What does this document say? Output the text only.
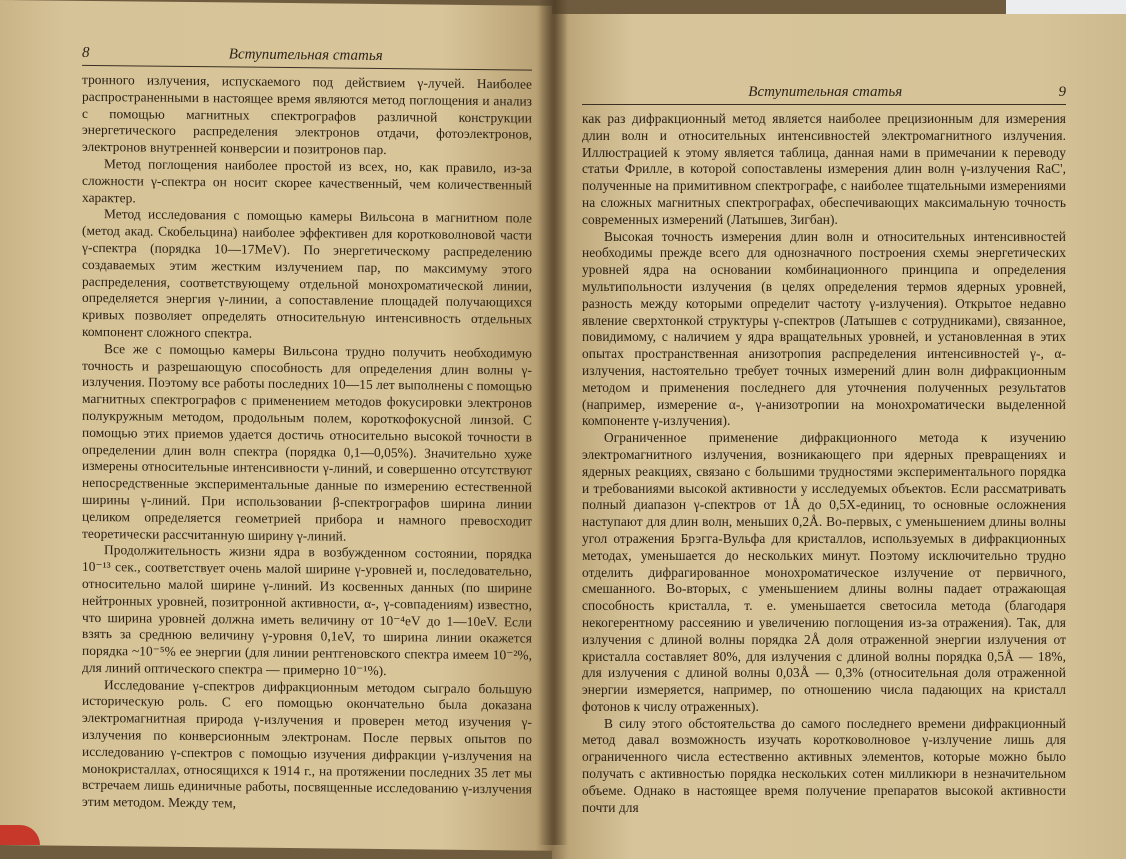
8	Вступительная статья

тронного излучения, испускаемого под действием γ-лучей. Наиболее распространенными в настоящее время являются метод поглощения и анализ с помощью магнитных спектрографов различной конструкции энергетического распределения электронов отдачи, фотоэлектронов, электронов внутренней конверсии и позитронов пар.

Метод поглощения наиболее простой из всех, но, как правило, из-за сложности γ-спектра он носит скорее качественный, чем количественный характер.

Метод исследования с помощью камеры Вильсона в магнитном поле (метод акад. Скобельцина) наиболее эффективен для коротковолновой части γ-спектра (порядка 10—17MeV). По энергетическому распределению создаваемых этим жестким излучением пар, по максимуму этого распределения, соответствующему отдельной монохроматической линии, определяется энергия γ-линии, а сопоставление площадей получающихся кривых позволяет определять относительную интенсивность отдельных компонент сложного спектра.

Все же с помощью камеры Вильсона трудно получить необходимую точность и разрешающую способность для определения длин волны γ-излучения. Поэтому все работы последних 10—15 лет выполнены с помощью магнитных спектрографов с применением методов фокусировки электронов полукружным методом, продольным полем, короткофокусной линзой. С помощью этих приемов удается достичь относительно высокой точности в определении длин волн спектра (порядка 0,1—0,05%). Значительно хуже измерены относительные интенсивности γ-линий, и совершенно отсутствуют непосредственные экспериментальные данные по измерению естественной ширины γ-линий. При использовании β-спектрографов ширина линии целиком определяется геометрией прибора и намного превосходит теоретически рассчитанную ширину γ-линий.

Продолжительность жизни ядра в возбужденном состоянии, порядка 10⁻¹³ сек., соответствует очень малой ширине γ-уровней и, последовательно, относительно малой ширине γ-линий. Из косвенных данных (по ширине нейтронных уровней, позитронной активности, α-, γ-совпадениям) известно, что ширина уровней должна иметь величину от 10⁻⁴eV до 1—10eV. Если взять за среднюю величину γ-уровня 0,1eV, то ширина линии окажется порядка ~10⁻⁵% ее энергии (для линии рентгеновского спектра имеем 10⁻²%, для линий оптического спектра — примерно 10⁻¹%).

Исследование γ-спектров дифракционным методом сыграло большую историческую роль. С его помощью окончательно была доказана электромагнитная природа γ-излучения и проверен метод изучения γ-излучения по конверсионным электронам. После первых опытов по исследованию γ-спектров с помощью изучения дифракции γ-излучения на монокристаллах, относящихся к 1914 г., на протяжении последних 35 лет мы встречаем лишь единичные работы, посвященные исследованию γ-излучения этим методом. Между тем,

Вступительная статья	9

как раз дифракционный метод является наиболее прецизионным для измерения длин волн и относительных интенсивностей электромагнитного излучения. Иллюстрацией к этому является таблица, данная нами в примечании к переводу статьи Фрилле, в которой сопоставлены измерения длин волн γ-излучения RaC', полученные на примитивном спектрографе, с наиболее тщательными измерениями на сложных магнитных спектрографах, обеспечивающих максимальную точность современных измерений (Латышев, Зигбан).

Высокая точность измерения длин волн и относительных интенсивностей необходимы прежде всего для однозначного построения схемы энергетических уровней ядра на основании комбинационного принципа и определения мультипольности излучения (в целях определения термов ядерных уровней, разность между которыми определит частоту γ-излучения). Открытое недавно явление сверхтонкой структуры γ-спектров (Латышев с сотрудниками), связанное, повидимому, с наличием у ядра вращательных уровней, и установленная в этих опытах пространственная анизотропия распределения интенсивностей γ-, α-излучения, настоятельно требует точных измерений длин волн дифракционным методом и применения последнего для уточнения полученных результатов (например, измерение α-, γ-анизотропии на монохроматически выделенной компоненте γ-излучения).

Ограниченное применение дифракционного метода к изучению электромагнитного излучения, возникающего при ядерных превращениях и ядерных реакциях, связано с большими трудностями экспериментального порядка и требованиями высокой активности у исследуемых объектов. Если рассматривать полный диапазон γ-спектров от 1Å до 0,5X-единиц, то основные осложнения наступают для длин волн, меньших 0,2Å. Во-первых, с уменьшением длины волны угол отражения Брэгга-Вульфа для кристаллов, используемых в дифракционных методах, уменьшается до нескольких минут. Поэтому исключительно трудно отделить дифрагированное монохроматическое излучение от первичного, смешанного. Во-вторых, с уменьшением длины волны падает отражающая способность кристалла, т. е. уменьшается светосила метода (благодаря некогерентному рассеянию и увеличению поглощения из-за отражения). Так, для излучения с длиной волны порядка 2Å доля отраженной энергии излучения от кристалла составляет 80%, для излучения с длиной волны порядка 0,5Å — 18%, для излучения с длиной волны 0,03Å — 0,3% (относительная доля отраженной энергии измеряется, например, по отношению числа падающих на кристалл фотонов к числу отраженных).

В силу этого обстоятельства до самого последнего времени дифракционный метод давал возможность изучать коротковолновое γ-излучение лишь для ограниченного числа естественно активных элементов, которые можно было получать с активностью порядка нескольких сотен милликюри в незначительном объеме. Однако в настоящее время получение препаратов высокой активности почти для
